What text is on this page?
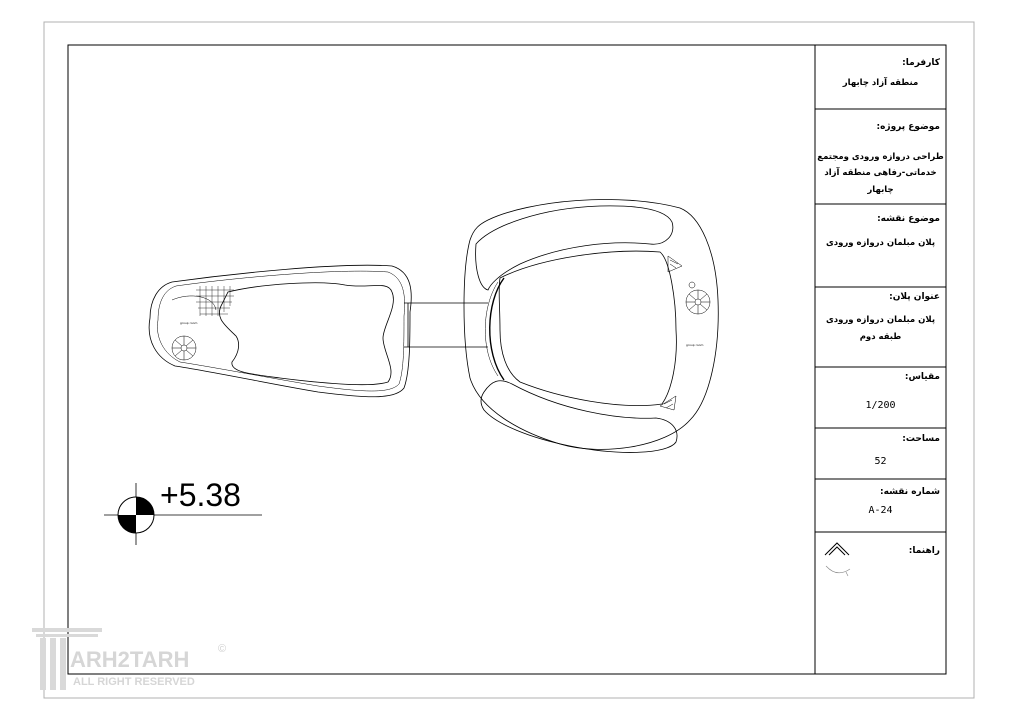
group room
group room
+5.38
کارفرما:
منطقه آزاد چابهار
موضوع پروژه:
طراحی دروازه ورودی ومجتمع
خدماتی-رفاهی منطقه آزاد چابهار
موضوع نقشه:
پلان مبلمان دروازه ورودی
عنوان پلان:
پلان مبلمان دروازه ورودی طبقه دوم
مقیاس:
1/200
مساحت:
52
شماره نقشه:
A-24
راهنما:
ARH2TARH
ALL RIGHT RESERVED
©
